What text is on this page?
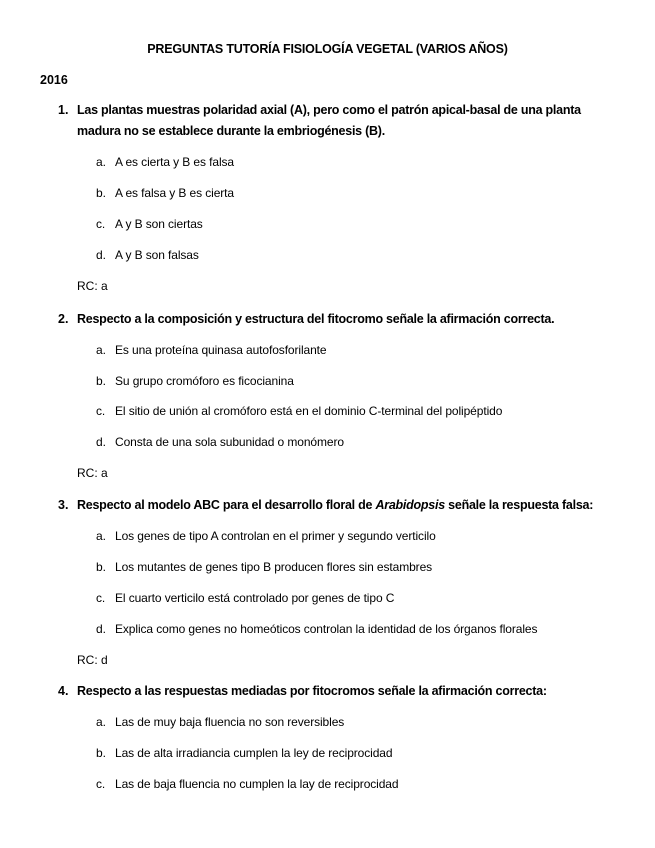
PREGUNTAS TUTORÍA FISIOLOGÍA VEGETAL (VARIOS AÑOS)
2016
1. Las plantas muestras polaridad axial (A), pero como el patrón apical-basal de una planta madura no se establece durante la embriogénesis (B).
a. A es cierta y B es falsa
b. A es falsa y B es cierta
c. A y B son ciertas
d. A y B son falsas
RC: a
2. Respecto a la composición y estructura del fitocromo señale la afirmación correcta.
a. Es una proteína quinasa autofosforilante
b. Su grupo cromóforo es ficocianina
c. El sitio de unión al cromóforo está en el dominio C-terminal del polipéptido
d. Consta de una sola subunidad o monómero
RC: a
3. Respecto al modelo ABC para el desarrollo floral de Arabidopsis señale la respuesta falsa:
a. Los genes de tipo A controlan en el primer y segundo verticilo
b. Los mutantes de genes tipo B producen flores sin estambres
c. El cuarto verticilo está controlado por genes de tipo C
d. Explica como genes no homeóticos controlan la identidad de los órganos florales
RC: d
4. Respecto a las respuestas mediadas por fitocromos señale la afirmación correcta:
a. Las de muy baja fluencia no son reversibles
b. Las de alta irradiancia cumplen la ley de reciprocidad
c. Las de baja fluencia no cumplen la lay de reciprocidad
